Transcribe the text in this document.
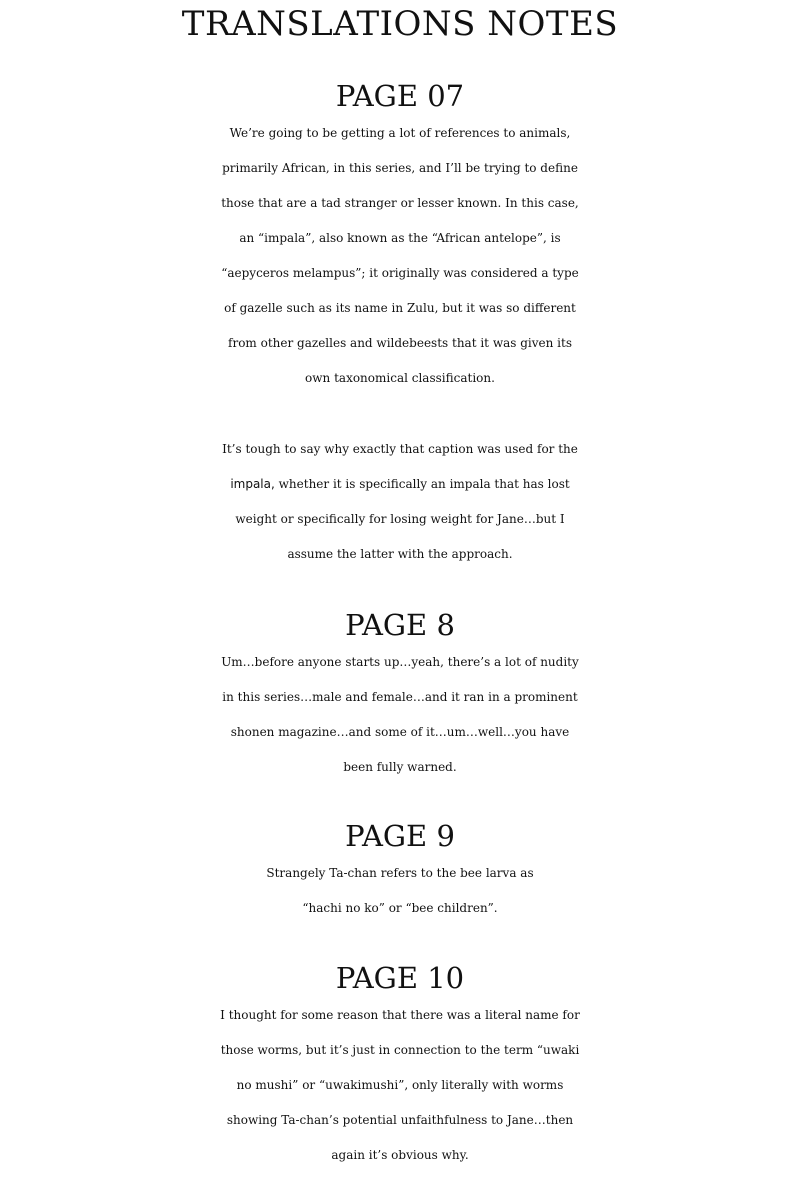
TRANSLATIONS NOTES
PAGE 07
We’re going to be getting a lot of references to animals,
primarily African, in this series, and I’ll be trying to define
those that are a tad stranger or lesser known. In this case,
an “impala”, also known as the “African antelope”, is
“aepyceros melampus”; it originally was considered a type
of gazelle such as its name in Zulu, but it was so different
from other gazelles and wildebeests that it was given its
own taxonomical classification.
It’s tough to say why exactly that caption was used for the
impala, whether it is specifically an impala that has lost
weight or specifically for losing weight for Jane…but I
assume the latter with the approach.
PAGE 8
Um…before anyone starts up…yeah, there’s a lot of nudity
in this series…male and female…and it ran in a prominent
shonen magazine…and some of it…um…well…you have
been fully warned.
PAGE 9
Strangely Ta-chan refers to the bee larva as
“hachi no ko” or “bee children”.
PAGE 10
I thought for some reason that there was a literal name for
those worms, but it’s just in connection to the term “uwaki
no mushi” or “uwakimushi”, only literally with worms
showing Ta-chan’s potential unfaithfulness to Jane…then
again it’s obvious why.
